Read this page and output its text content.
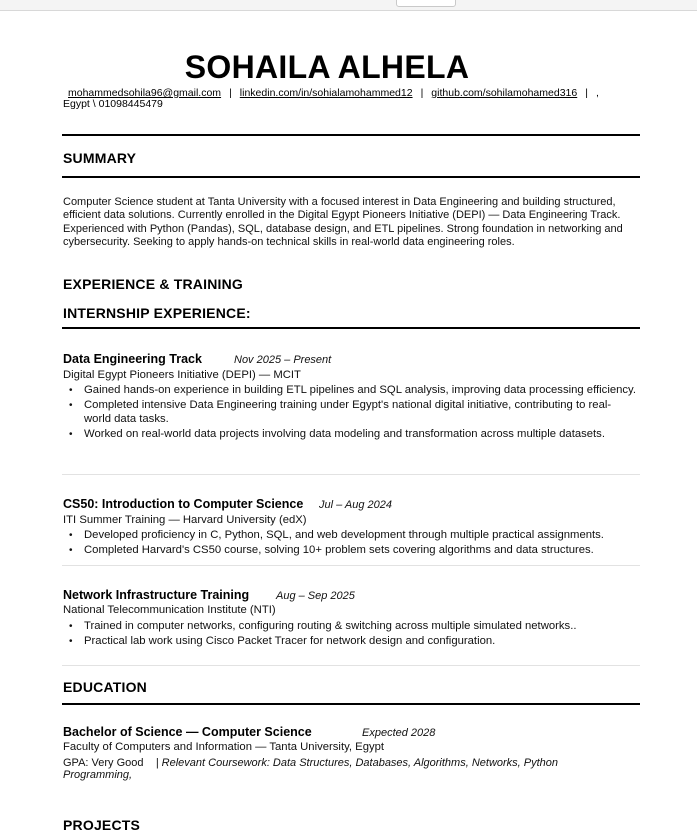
SOHAILA ALHELA
mohammedsohila96@gmail.com | linkedin.com/in/sohialamohammed12 | github.com/sohilamohamed316 | ,
Egypt \ 01098445479
SUMMARY
Computer Science student at Tanta University with a focused interest in Data Engineering and building structured, efficient data solutions. Currently enrolled in the Digital Egypt Pioneers Initiative (DEPI) — Data Engineering Track. Experienced with Python (Pandas), SQL, database design, and ETL pipelines. Strong foundation in networking and cybersecurity. Seeking to apply hands-on technical skills in real-world data engineering roles.
EXPERIENCE & TRAINING
INTERNSHIP EXPERIENCE:
Data Engineering Track	Nov 2025 – Present
Digital Egypt Pioneers Initiative (DEPI) — MCIT
• Gained hands-on experience in building ETL pipelines and SQL analysis, improving data processing efficiency.
• Completed intensive Data Engineering training under Egypt's national digital initiative, contributing to real-world data tasks.
• Worked on real-world data projects involving data modeling and transformation across multiple datasets.
CS50: Introduction to Computer Science Jul – Aug 2024
ITI Summer Training — Harvard University (edX)
• Developed proficiency in C, Python, SQL, and web development through multiple practical assignments.
• Completed Harvard's CS50 course, solving 10+ problem sets covering algorithms and data structures.
Network Infrastructure Training Aug – Sep 2025
National Telecommunication Institute (NTI)
• Trained in computer networks, configuring routing & switching across multiple simulated networks..
• Practical lab work using Cisco Packet Tracer for network design and configuration.
EDUCATION
Bachelor of Science — Computer Science	Expected 2028
Faculty of Computers and Information — Tanta University, Egypt
GPA: Very Good | Relevant Coursework: Data Structures, Databases, Algorithms, Networks, Python Programming,
PROJECTS
